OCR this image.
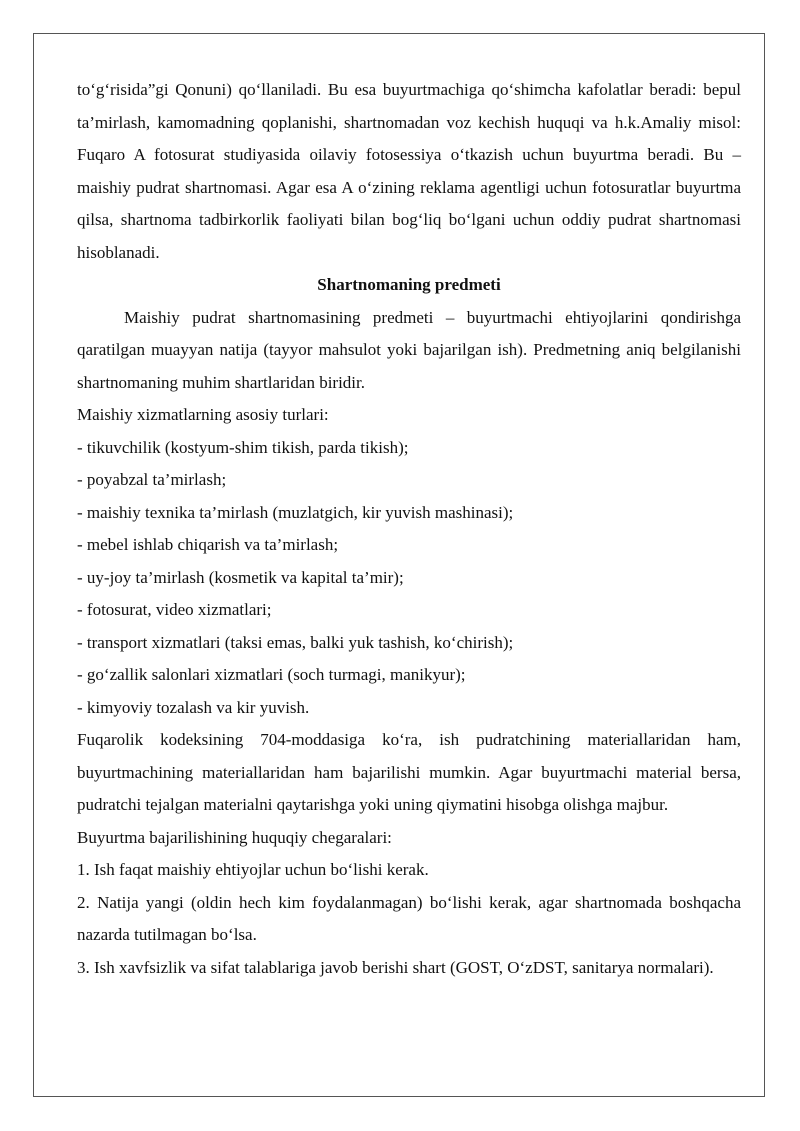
to‘g‘risida”gi Qonuni) qo‘llaniladi. Bu esa buyurtmachiga qo‘shimcha kafolatlar beradi: bepul ta’mirlash, kamomadning qoplanishi, shartnomadan voz kechish huquqi va h.k.Amaliy misol: Fuqaro A fotosurat studiyasida oilaviy fotosessiya o‘tkazish uchun buyurtma beradi. Bu – maishiy pudrat shartnomasi. Agar esa A o‘zining reklama agentligi uchun fotosuratlar buyurtma qilsa, shartnoma tadbirkorlik faoliyati bilan bog‘liq bo‘lgani uchun oddiy pudrat shartnomasi hisoblanadi.

Shartnomaning predmeti

Maishiy pudrat shartnomasining predmeti – buyurtmachi ehtiyojlarini qondirishga qaratilgan muayyan natija (tayyor mahsulot yoki bajarilgan ish). Predmetning aniq belgilanishi shartnomaning muhim shartlaridan biridir.

Maishiy xizmatlarning asosiy turlari:

- tikuvchilik (kostyum-shim tikish, parda tikish);

- poyabzal ta’mirlash;

- maishiy texnika ta’mirlash (muzlatgich, kir yuvish mashinasi);

- mebel ishlab chiqarish va ta’mirlash;

- uy-joy ta’mirlash (kosmetik va kapital ta’mir);

- fotosurat, video xizmatlari;

- transport xizmatlari (taksi emas, balki yuk tashish, ko‘chirish);

- go‘zallik salonlari xizmatlari (soch turmagi, manikyur);

- kimyoviy tozalash va kir yuvish.

Fuqarolik kodeksining 704-moddasiga ko‘ra, ish pudratchining materiallaridan ham, buyurtmachining materiallaridan ham bajarilishi mumkin. Agar buyurtmachi material bersa, pudratchi tejalgan materialni qaytarishga yoki uning qiymatini hisobga olishga majbur.

Buyurtma bajarilishining huquqiy chegaralari:

1. Ish faqat maishiy ehtiyojlar uchun bo‘lishi kerak.

2. Natija yangi (oldin hech kim foydalanmagan) bo‘lishi kerak, agar shartnomada boshqacha nazarda tutilmagan bo‘lsa.

3. Ish xavfsizlik va sifat talablariga javob berishi shart (GOST, O‘zDST, sanitarya normalari).
